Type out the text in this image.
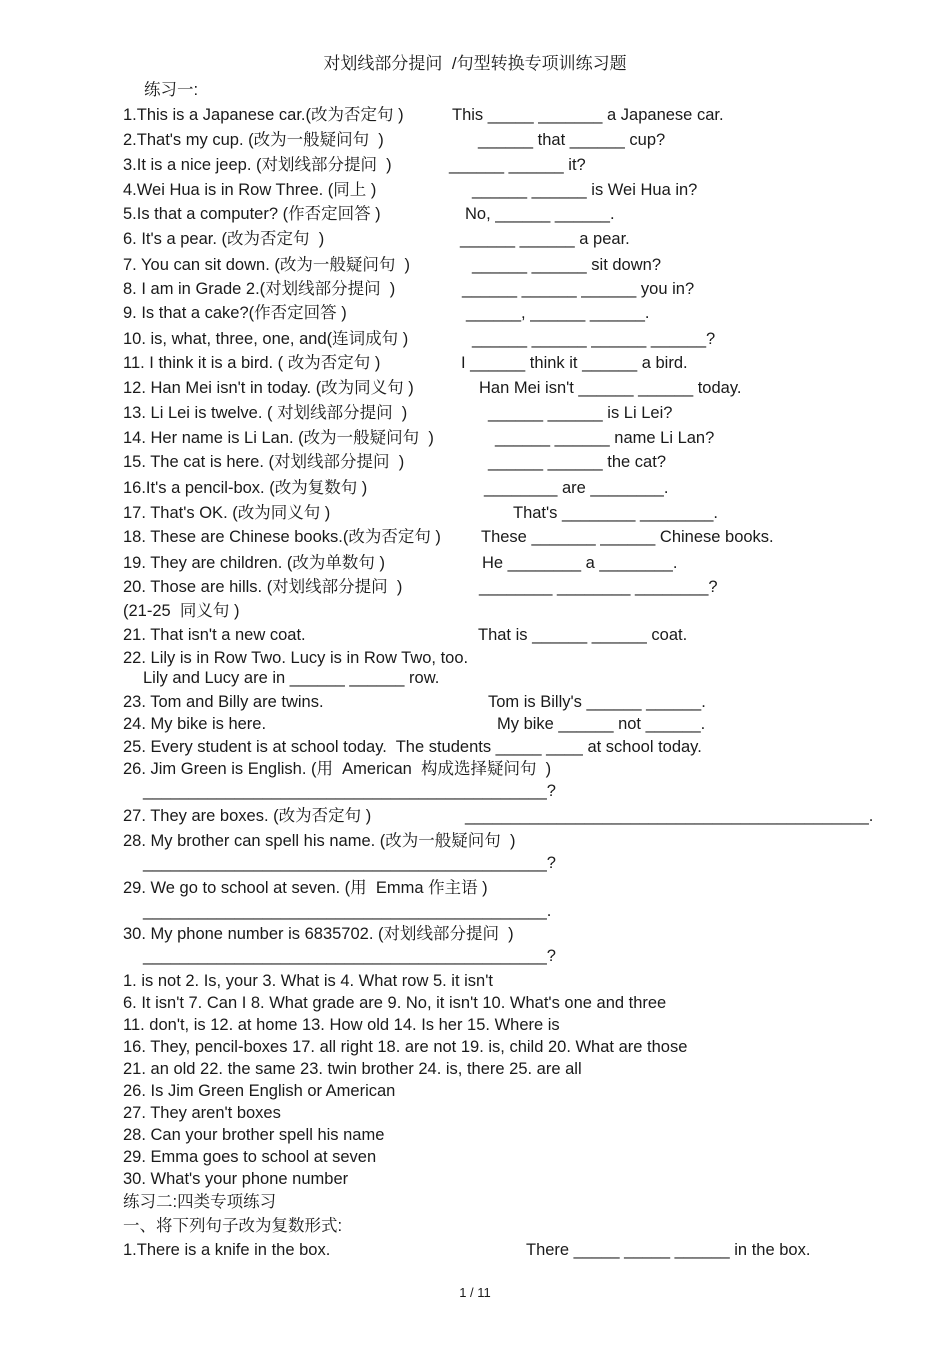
对划线部分提问  /句型转换专项训练习题
练习一:
1.This is a Japanese car.(改为否定句 )	This _____ _______ a Japanese car.
2.That's my cup. (改为一般疑问句  )	______ that ______ cup?
3.It is a nice jeep. (对划线部分提问  )	______ ______ it?
4.Wei Hua is in Row Three. (同上 )	______ ______ is Wei Hua in?
5.Is that a computer? (作否定回答 )	No, ______ ______.
6. It's a pear. (改为否定句  )	______ ______ a pear.
7. You can sit down. (改为一般疑问句  )	______ ______ sit down?
8. I am in Grade 2.(对划线部分提问  )	______ ______ ______ you in?
9. Is that a cake?(作否定回答 )	______, ______ ______.
10. is, what, three, one, and(连词成句 )	______ ______ ______ ______?
11. I think it is a bird. ( 改为否定句 )	I ______ think it ______ a bird.
12. Han Mei isn't in today. (改为同义句 )	Han Mei isn't ______ ______ today.
13. Li Lei is twelve. ( 对划线部分提问  )	______ ______ is Li Lei?
14. Her name is Li Lan. (改为一般疑问句  )	______ ______ name Li Lan?
15. The cat is here. (对划线部分提问  )	______ ______ the cat?
16.It's a pencil-box. (改为复数句 )	________ are ________.
17. That's OK. (改为同义句 )	That's ________ ________.
18. These are Chinese books.(改为否定句 ) These _______ ______ Chinese books.
19. They are children. (改为单数句 )	He ________ a ________.
20. Those are hills. (对划线部分提问  )	________ ________ ________?
(21-25  同义句 )
21. That isn't a new coat.	That is ______ ______ coat.
22. Lily is in Row Two. Lucy is in Row Two, too.
Lily and Lucy are in ______ ______ row.
23. Tom and Billy are twins.	Tom is Billy's ______ ______.
24. My bike is here.	My bike ______ not ______.
25. Every student is at school today.  The students _____ ____ at school today.
26. Jim Green is English. (用  American  构成选择疑问句  )
____________________________________________?
27. They are boxes. (改为否定句 )	____________________________________________.
28. My brother can spell his name. (改为一般疑问句  )
____________________________________________?
29. We go to school at seven. (用  Emma 作主语 )
____________________________________________.
30. My phone number is 6835702. (对划线部分提问  )
____________________________________________?
1. is not 2. Is, your 3. What is 4. What row 5. it isn't
6. It isn't 7. Can I 8. What grade are 9. No, it isn't 10. What's one and three
11. don't, is 12. at home 13. How old 14. Is her 15. Where is
16. They, pencil-boxes 17. all right 18. are not 19. is, child 20. What are those
21. an old 22. the same 23. twin brother 24. is, there 25. are all
26. Is Jim Green English or American
27. They aren't boxes
28. Can your brother spell his name
29. Emma goes to school at seven
30. What's your phone number
练习二:四类专项练习
一、将下列句子改为复数形式:
1.There is a knife in the box.	There _____ _____ ______ in the box.
1 / 11
